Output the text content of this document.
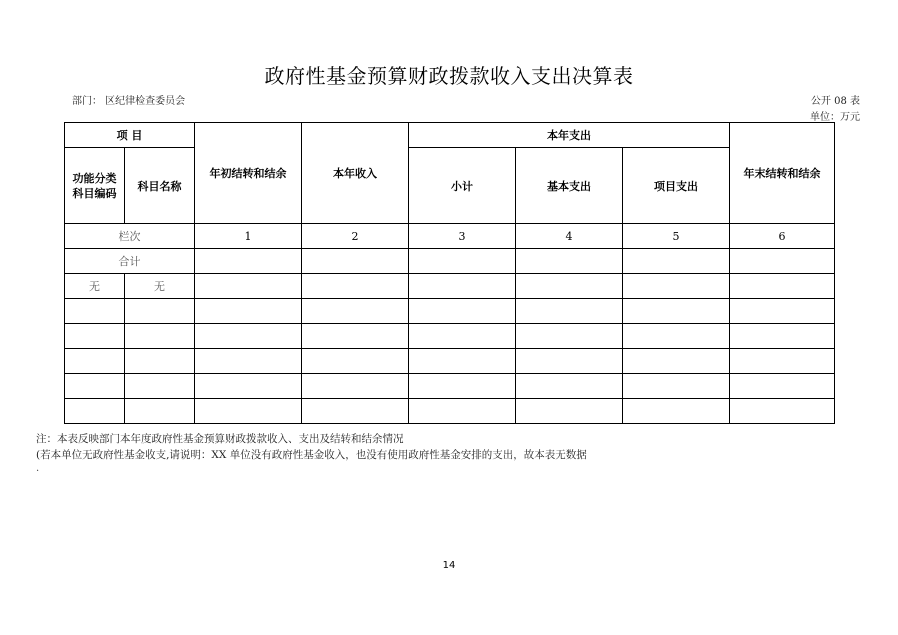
政府性基金预算财政拨款收入支出决算表
部门： 区纪律检查委员会	公开 08 表
单位：万元
项 目		年初结转和结余	本年收入	本年支出			年末结转和结余
功能分类科目编码	科目名称			小计	基本支出	项目支出	
栏次		1	2	3	4	5	6
合计							
无	无						

注：本表反映部门本年度政府性基金预算财政拨款收入、支出及结转和结余情况
(若本单位无政府性基金收支,请说明：XX 单位没有政府性基金收入，也没有使用政府性基金安排的支出，故本表无数据
.
14
